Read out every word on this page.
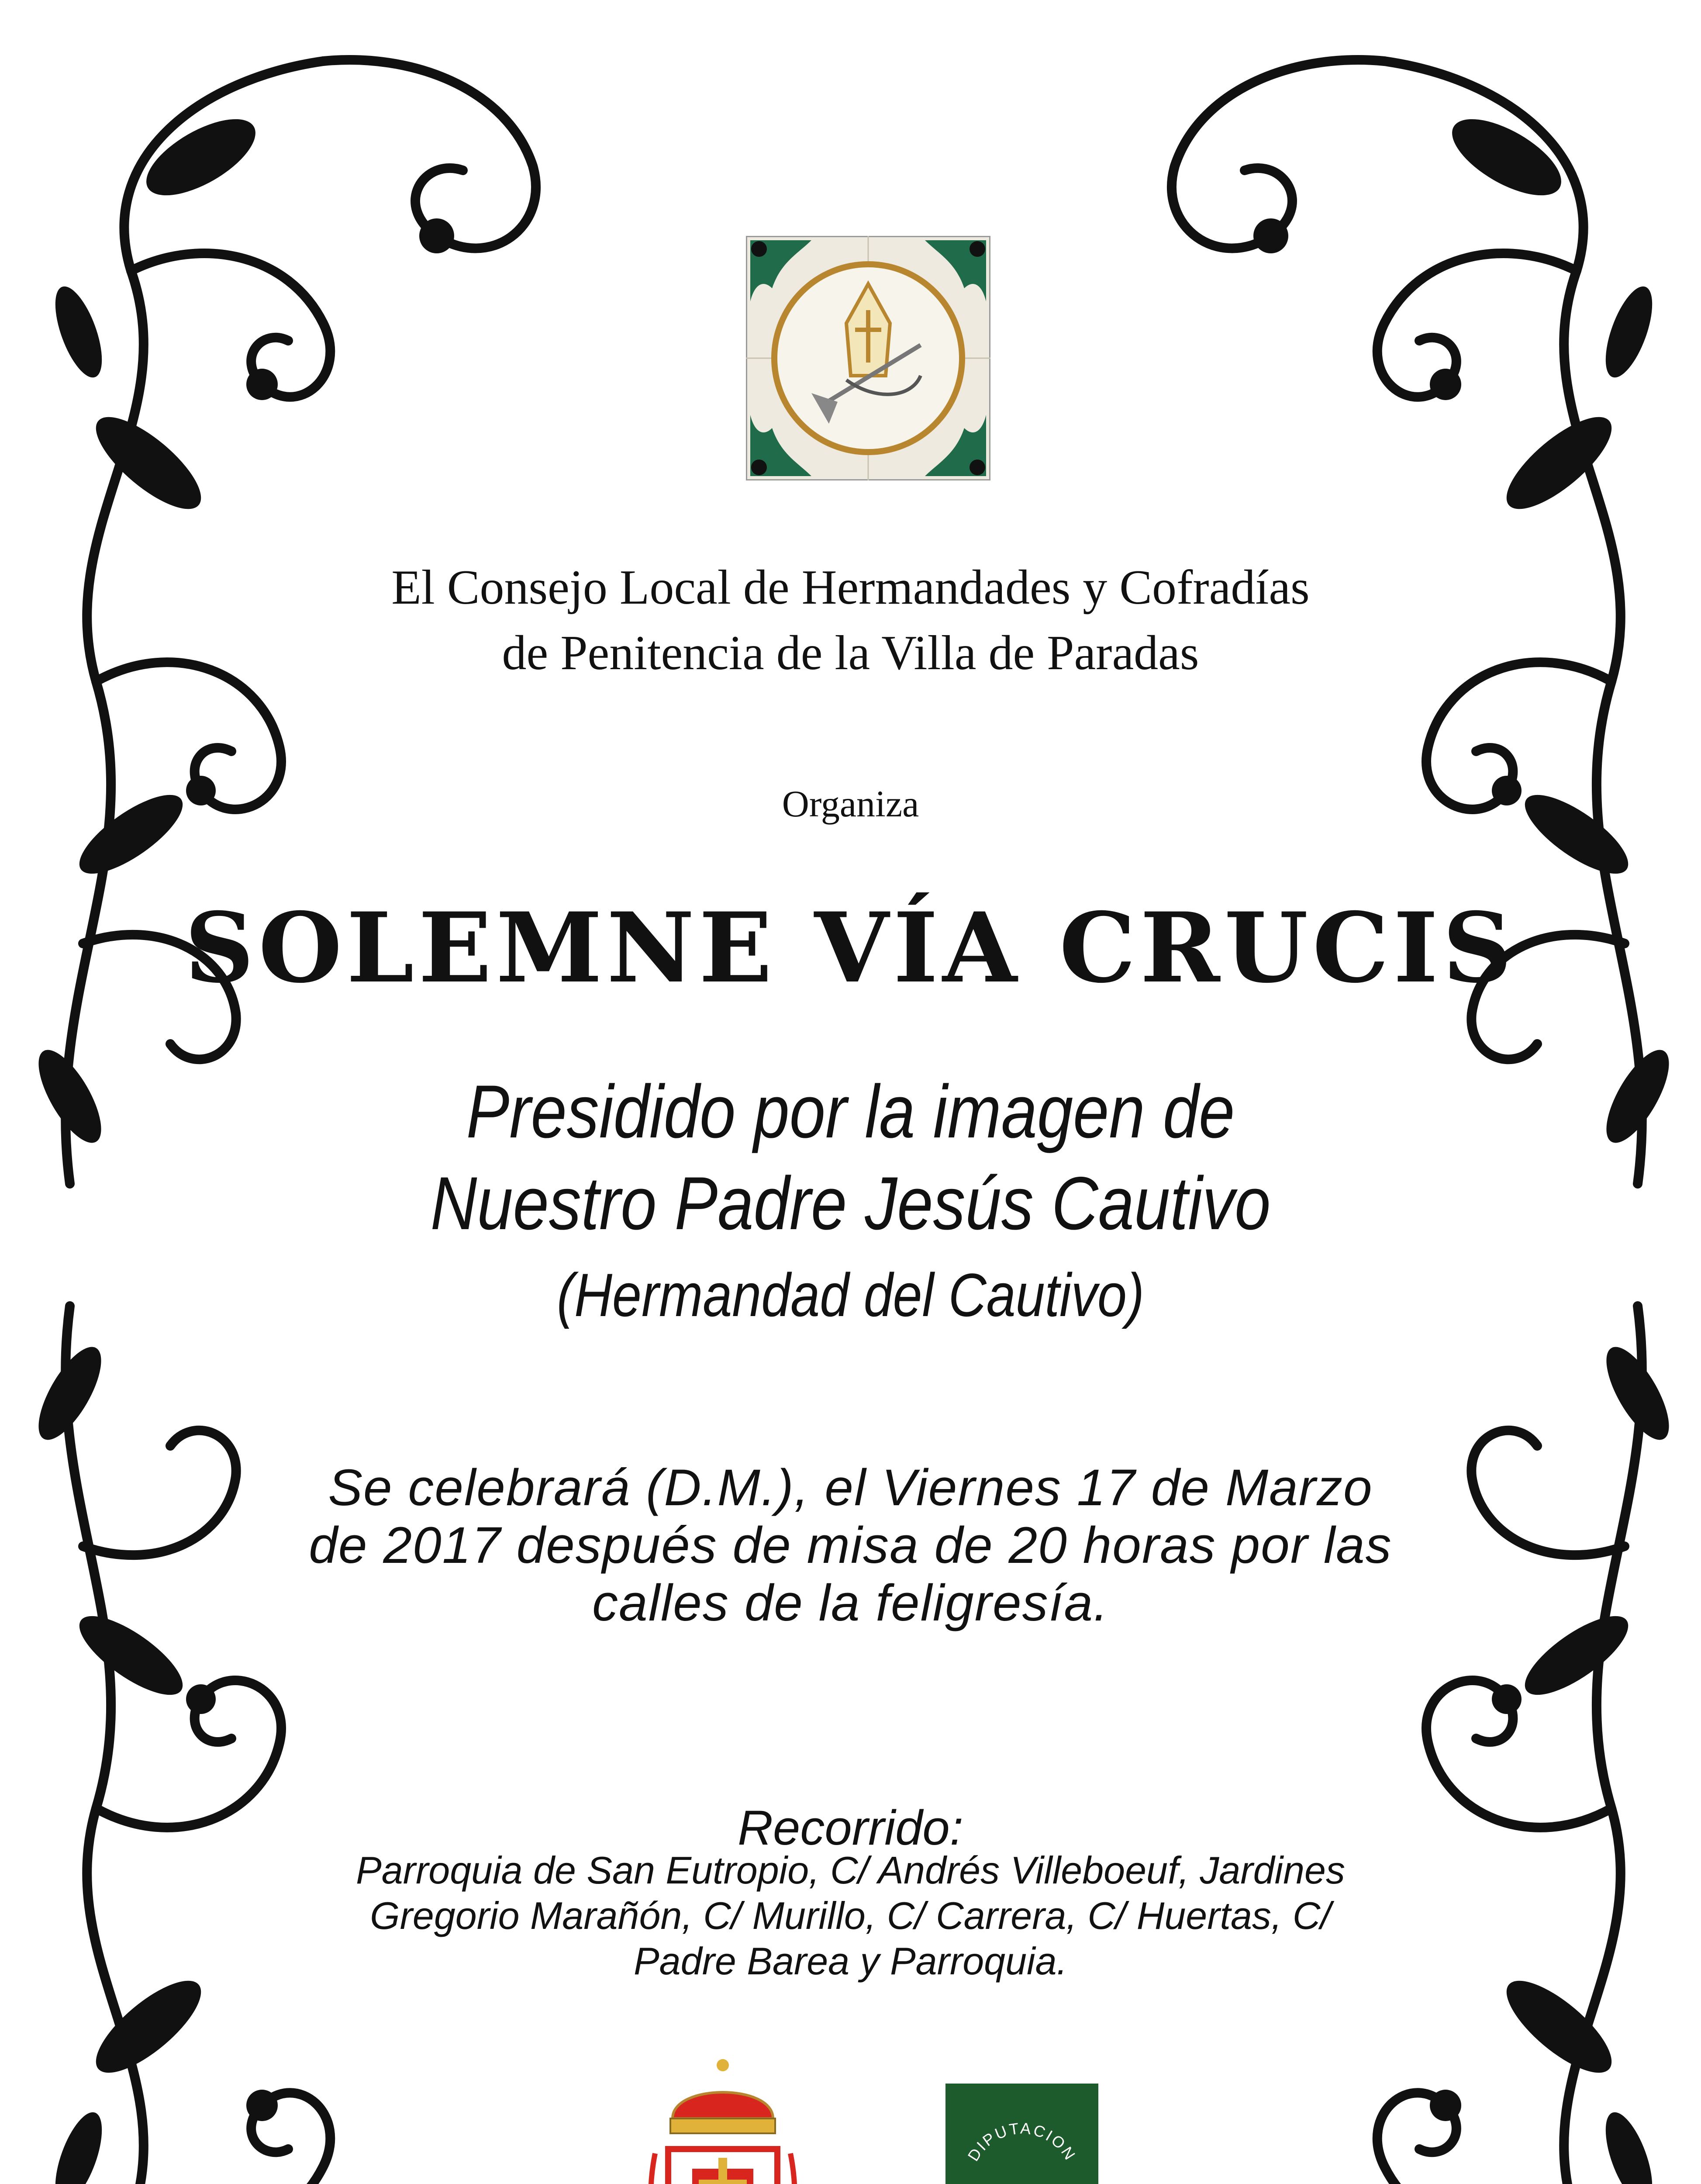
El Consejo Local de Hermandades y Cofradías
de Penitencia de la Villa de Paradas
Organiza
SOLEMNE VÍA CRUCIS
Presidido por la imagen de
Nuestro Padre Jesús Cautivo
(Hermandad del Cautivo)
Se celebrará (D.M.), el Viernes 17 de Marzo
de 2017 después de misa de 20 horas por las
calles de la feligresía.
Recorrido:
Parroquia de San Eutropio, C/ Andrés Villeboeuf, Jardines
Gregorio Marañón, C/ Murillo, C/ Carrera, C/ Huertas, C/
Padre Barea y Parroquia.
DIPUTACION
